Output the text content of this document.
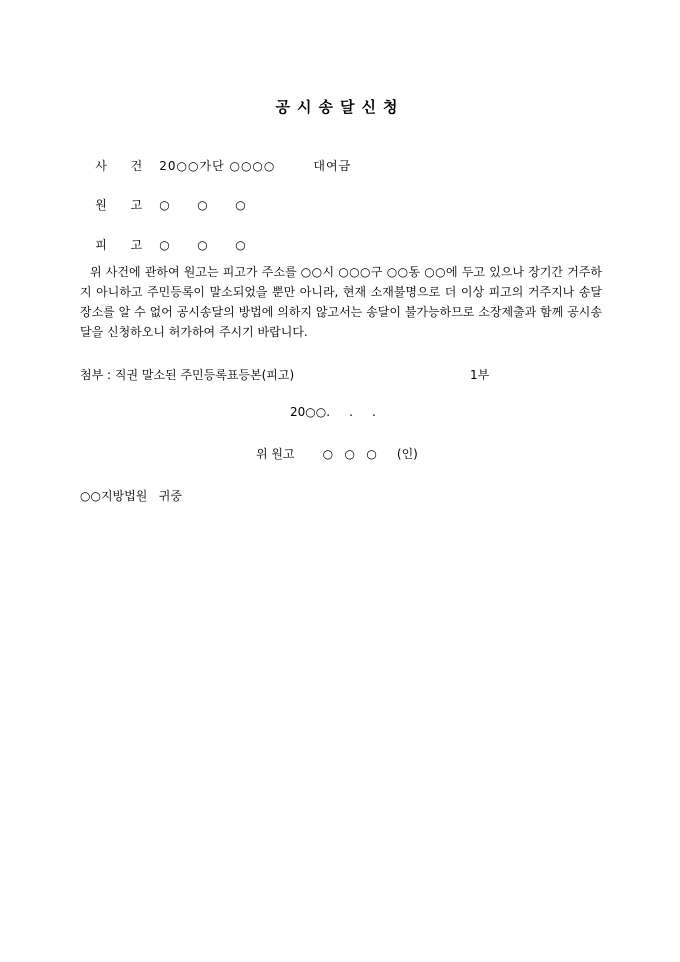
공시송달신청

사 건 20○○가단 ○○○○	대여금

원 고 ○ ○ ○

피 고 ○ ○ ○

위 사건에 관하여 원고는 피고가 주소를 ○○시 ○○○구 ○○동 ○○에 두고 있으나 장기간 거주하지 아니하고 주민등록이 말소되었을 뿐만 아니라, 현재 소재불명으로 더 이상 피고의 거주지나 송달장소를 알 수 없어 공시송달의 방법에 의하지 않고서는 송달이 불가능하므로 소장제출과 함께 공시송달을 신청하오니 허가하여 주시기 바랍니다.
첨부 : 직권 말소된 주민등록표등본(피고)	1부
20○○.     .     .
위 원고 ○   ○   ○ (인)
○○지방법원   귀중
